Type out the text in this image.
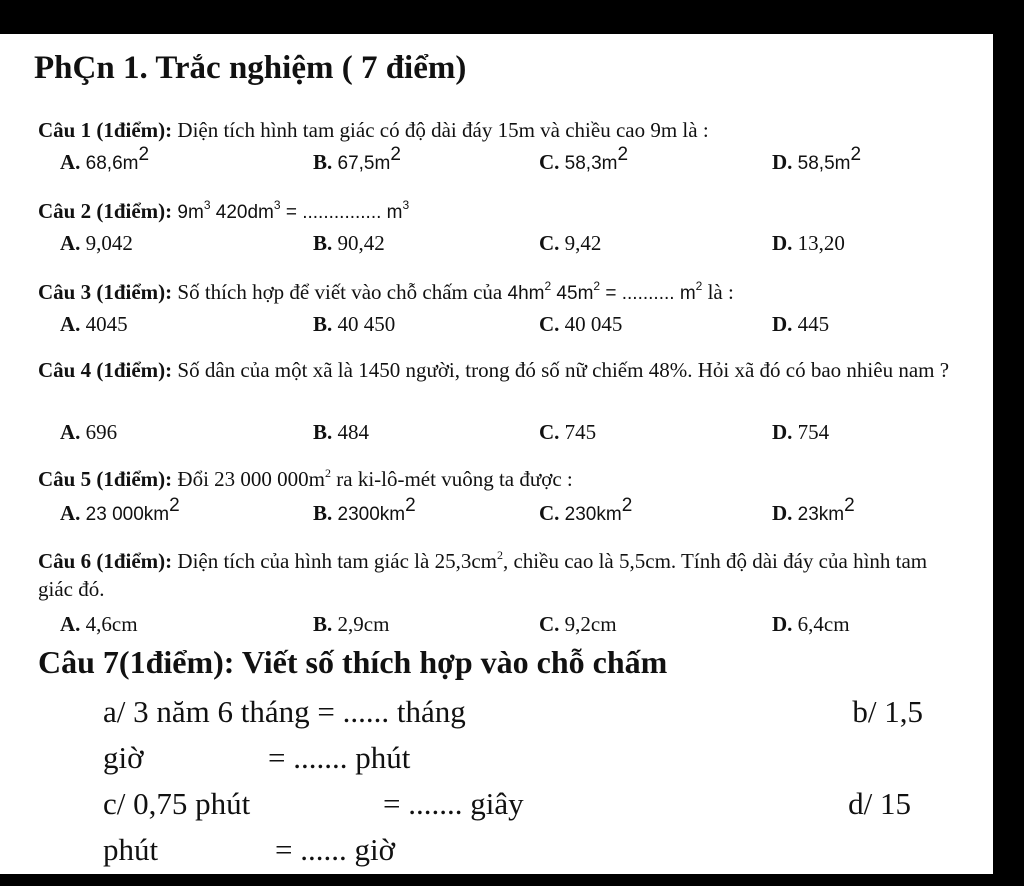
PhÇn 1. Trắc nghiệm ( 7 điểm)

Câu 1 (1điểm): Diện tích hình tam giác có độ dài đáy 15m và chiều cao 9m là :

A. $68,6m^2$	B. $67,5m^2$	C. $58,3m^2$	D. $58,5m^2$

Câu 2 (1điểm): $9m^3$ $420dm^3$ = ............... $m^3$

A. 9,042	B. 90,42	C. 9,42	D. 13,20

Câu 3 (1điểm): Số thích hợp để viết vào chỗ chấm của $4hm^2$ $45m^2$ = .......... $m^2$ là :

A. 4045	B. 40 450	C. 40 045	D. 445

Câu 4 (1điểm): Số dân của một xã là 1450 người, trong đó số nữ chiếm 48%. Hỏi xã đó có bao nhiêu nam ?

A. 696	B. 484	C. 745	D. 754

Câu 5 (1điểm): Đổi 23 000 $000m^2$ ra ki-lô-mét vuông ta được :

A. 23 $000km^2$	B. $2300km^2$	C. $230km^2$	D. $23km^2$

Câu 6 (1điểm): Diện tích của hình tam giác là $25,3cm^2$, chiều cao là 5,5cm. Tính độ dài đáy của hình tam giác đó.

A. 4,6cm	B. 2,9cm	C. 9,2cm	D. 6,4cm
Câu 7(1điểm): Viết số thích hợp vào chỗ chấm
a/ 3 năm 6 tháng = ...... tháng	b/ 1,5
giờ	= ....... phút
c/ 0,75 phút	= ....... giây	d/ 15
phút	= ...... giờ
